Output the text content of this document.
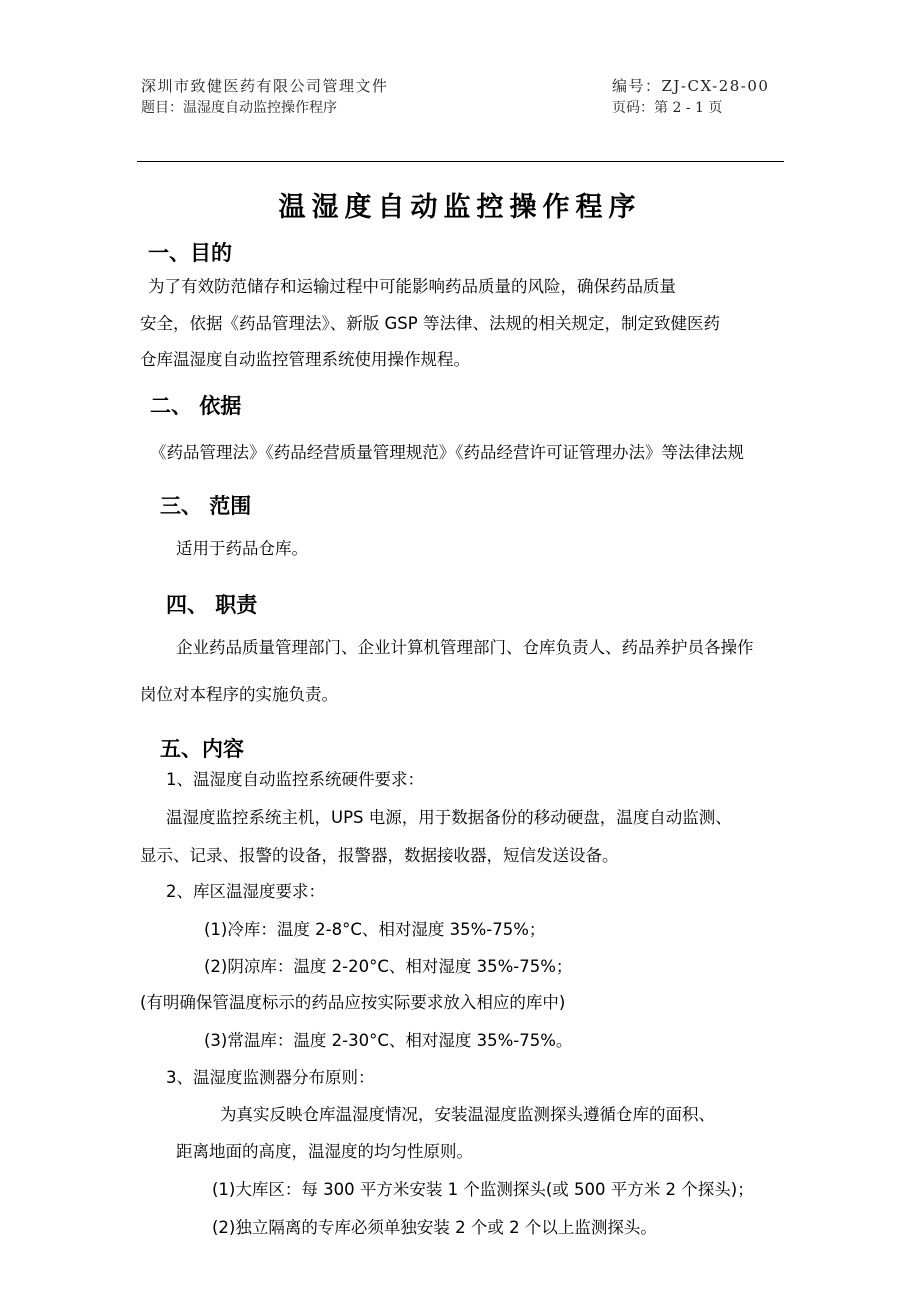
深圳市致健医药有限公司管理文件	编号：ZJ-CX-28-00
题目：温湿度自动监控操作程序	页码：第 2 - 1 页
温湿度自动监控操作程序
一、目的
为了有效防范储存和运输过程中可能影响药品质量的风险，确保药品质量
安全，依据《药品管理法》、新版 GSP 等法律、法规的相关规定，制定致健医药
仓库温湿度自动监控管理系统使用操作规程。
二、 依据
《药品管理法》《药品经营质量管理规范》《药品经营许可证管理办法》等法律法规
三、 范围
适用于药品仓库。
四、 职责
企业药品质量管理部门、企业计算机管理部门、仓库负责人、药品养护员各操作
岗位对本程序的实施负责。
五、内容
1、温湿度自动监控系统硬件要求：
温湿度监控系统主机，UPS 电源，用于数据备份的移动硬盘，温度自动监测、
显示、记录、报警的设备，报警器，数据接收器，短信发送设备。
2、库区温湿度要求：
(1)冷库：温度 2-8°C、相对湿度 35%-75%；
(2)阴凉库：温度 2-20°C、相对湿度 35%-75%；
(有明确保管温度标示的药品应按实际要求放入相应的库中)
(3)常温库：温度 2-30°C、相对湿度 35%-75%。
3、温湿度监测器分布原则：
为真实反映仓库温湿度情况，安装温湿度监测探头遵循仓库的面积、
距离地面的高度，温湿度的均匀性原则。
(1)大库区：每 300 平方米安装 1 个监测探头(或 500 平方米 2 个探头)；
(2)独立隔离的专库必须单独安装 2 个或 2 个以上监测探头。
